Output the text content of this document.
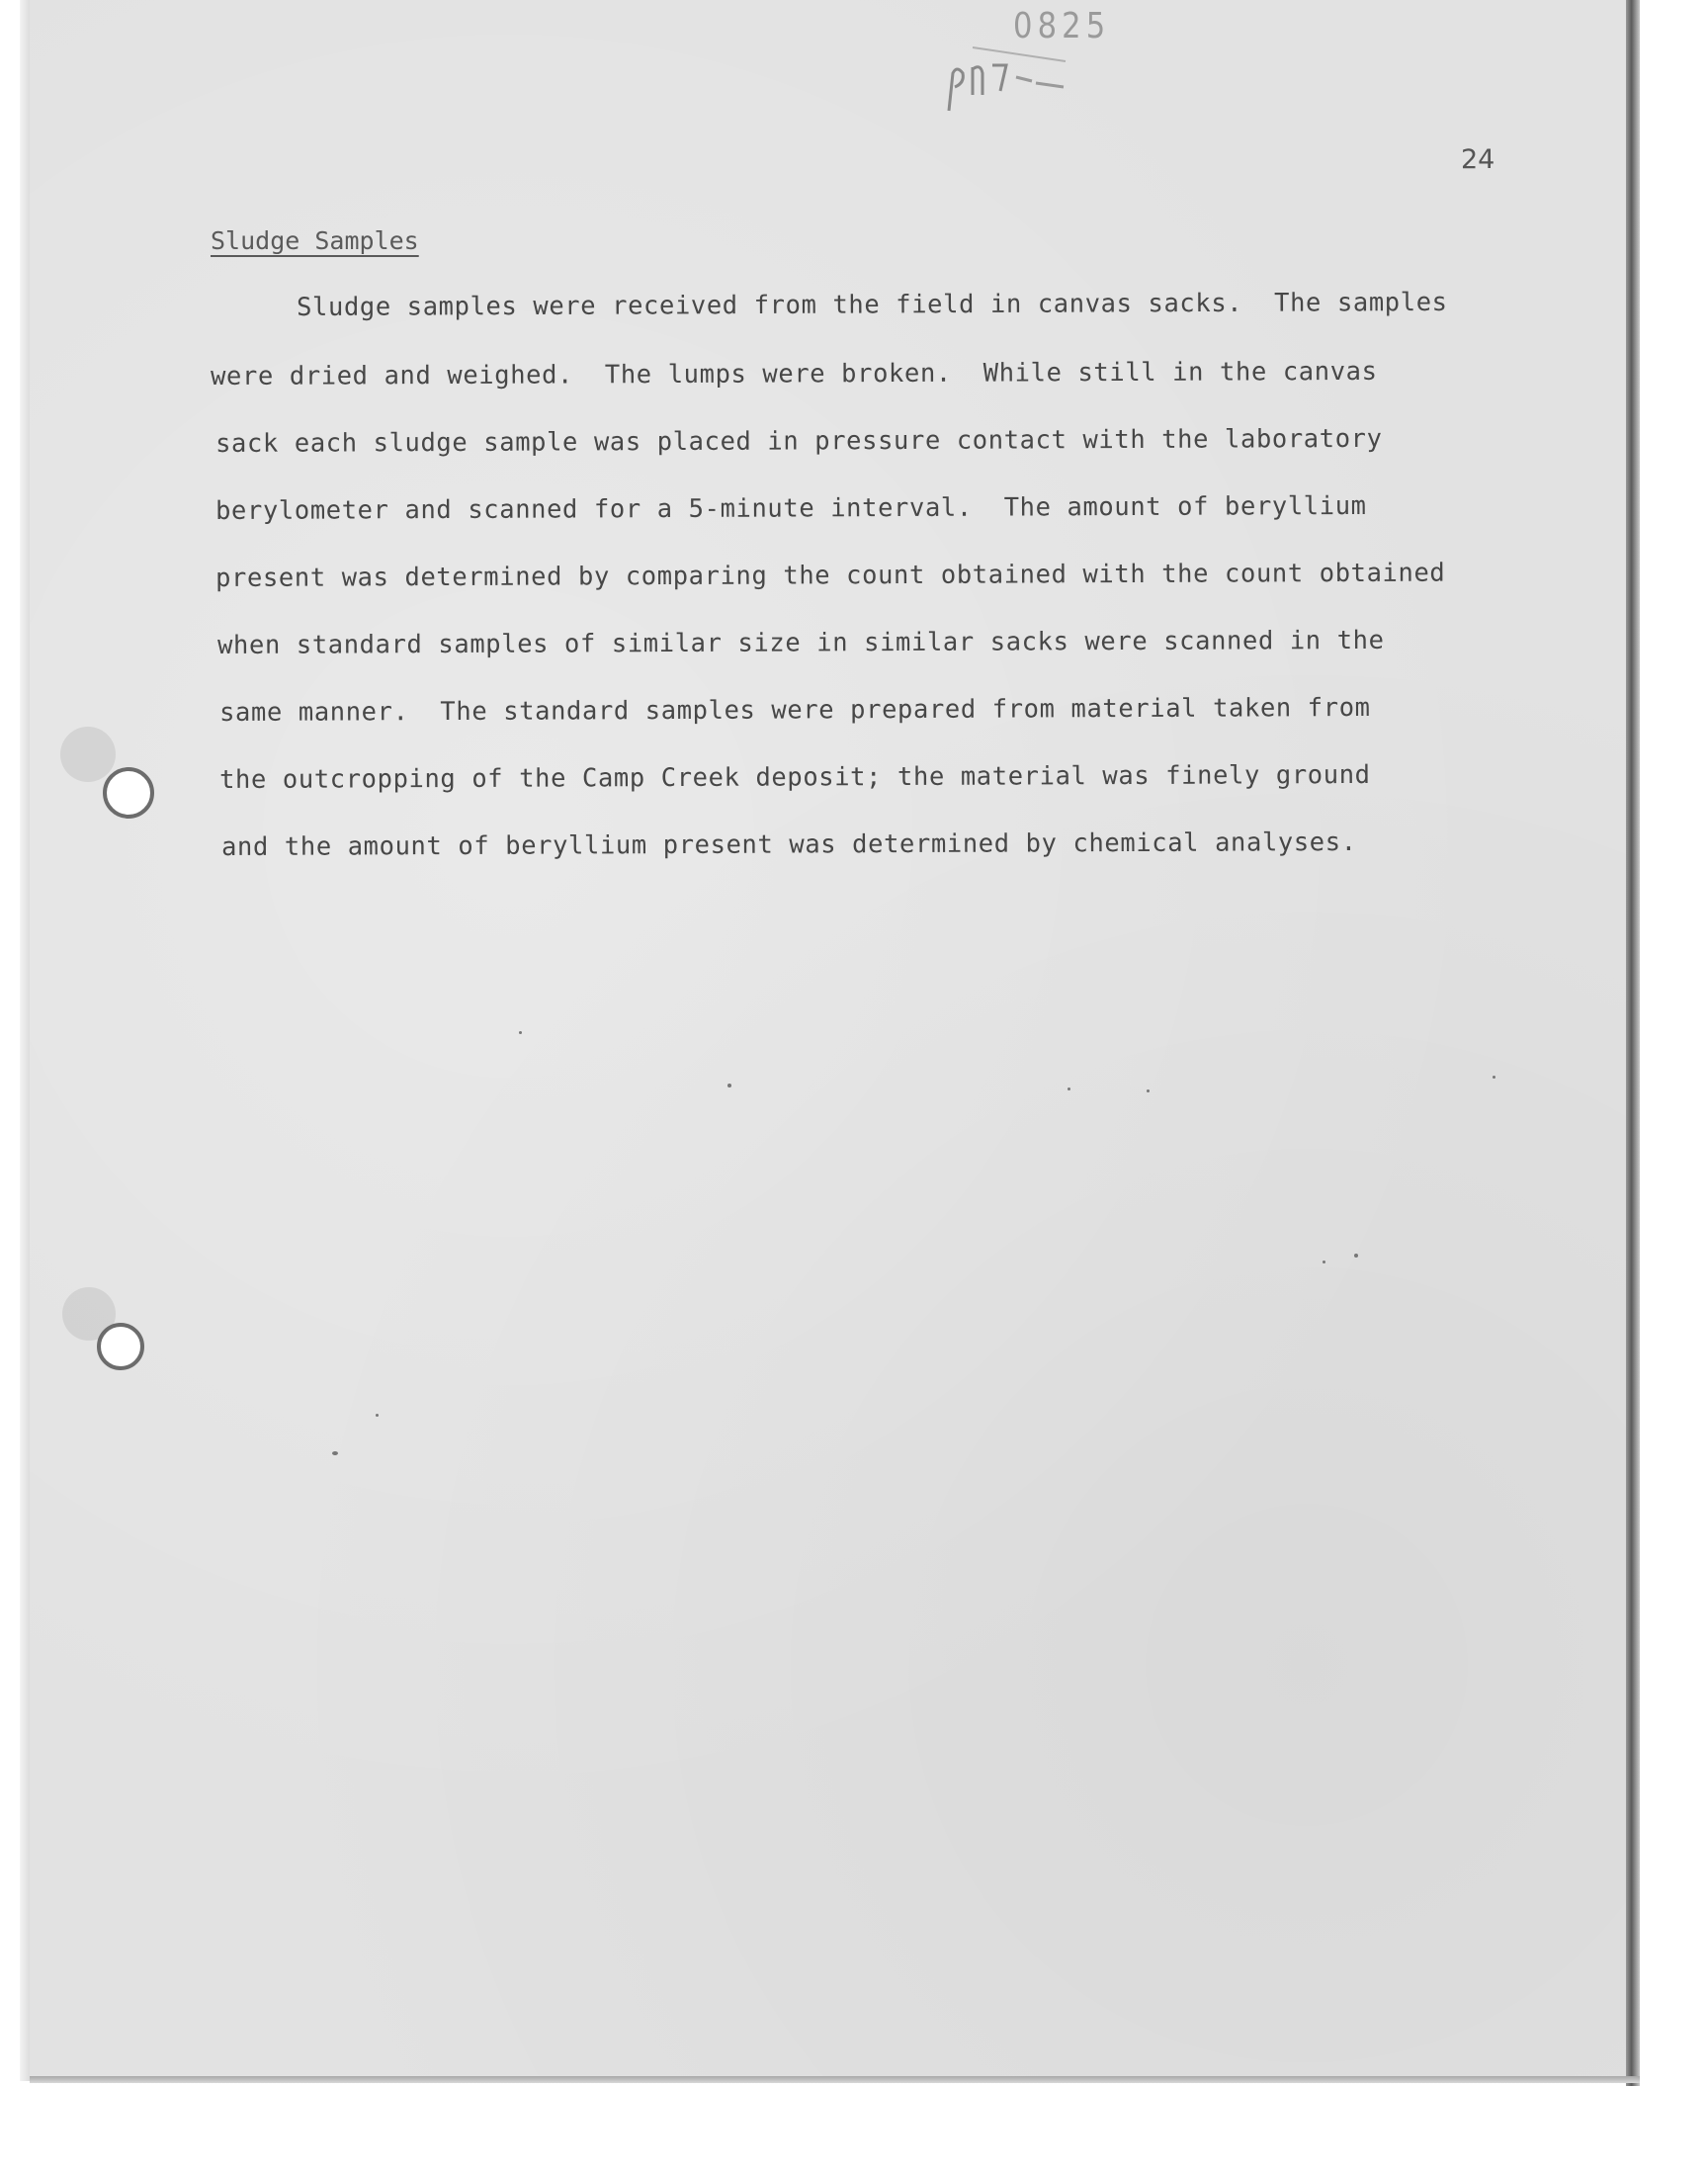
0825
24
Sludge Samples
Sludge samples were received from the field in canvas sacks.  The samples
were dried and weighed.  The lumps were broken.  While still in the canvas
sack each sludge sample was placed in pressure contact with the laboratory
berylometer and scanned for a 5-minute interval.  The amount of beryllium
present was determined by comparing the count obtained with the count obtained
when standard samples of similar size in similar sacks were scanned in the
same manner.  The standard samples were prepared from material taken from
the outcropping of the Camp Creek deposit; the material was finely ground
and the amount of beryllium present was determined by chemical analyses.
